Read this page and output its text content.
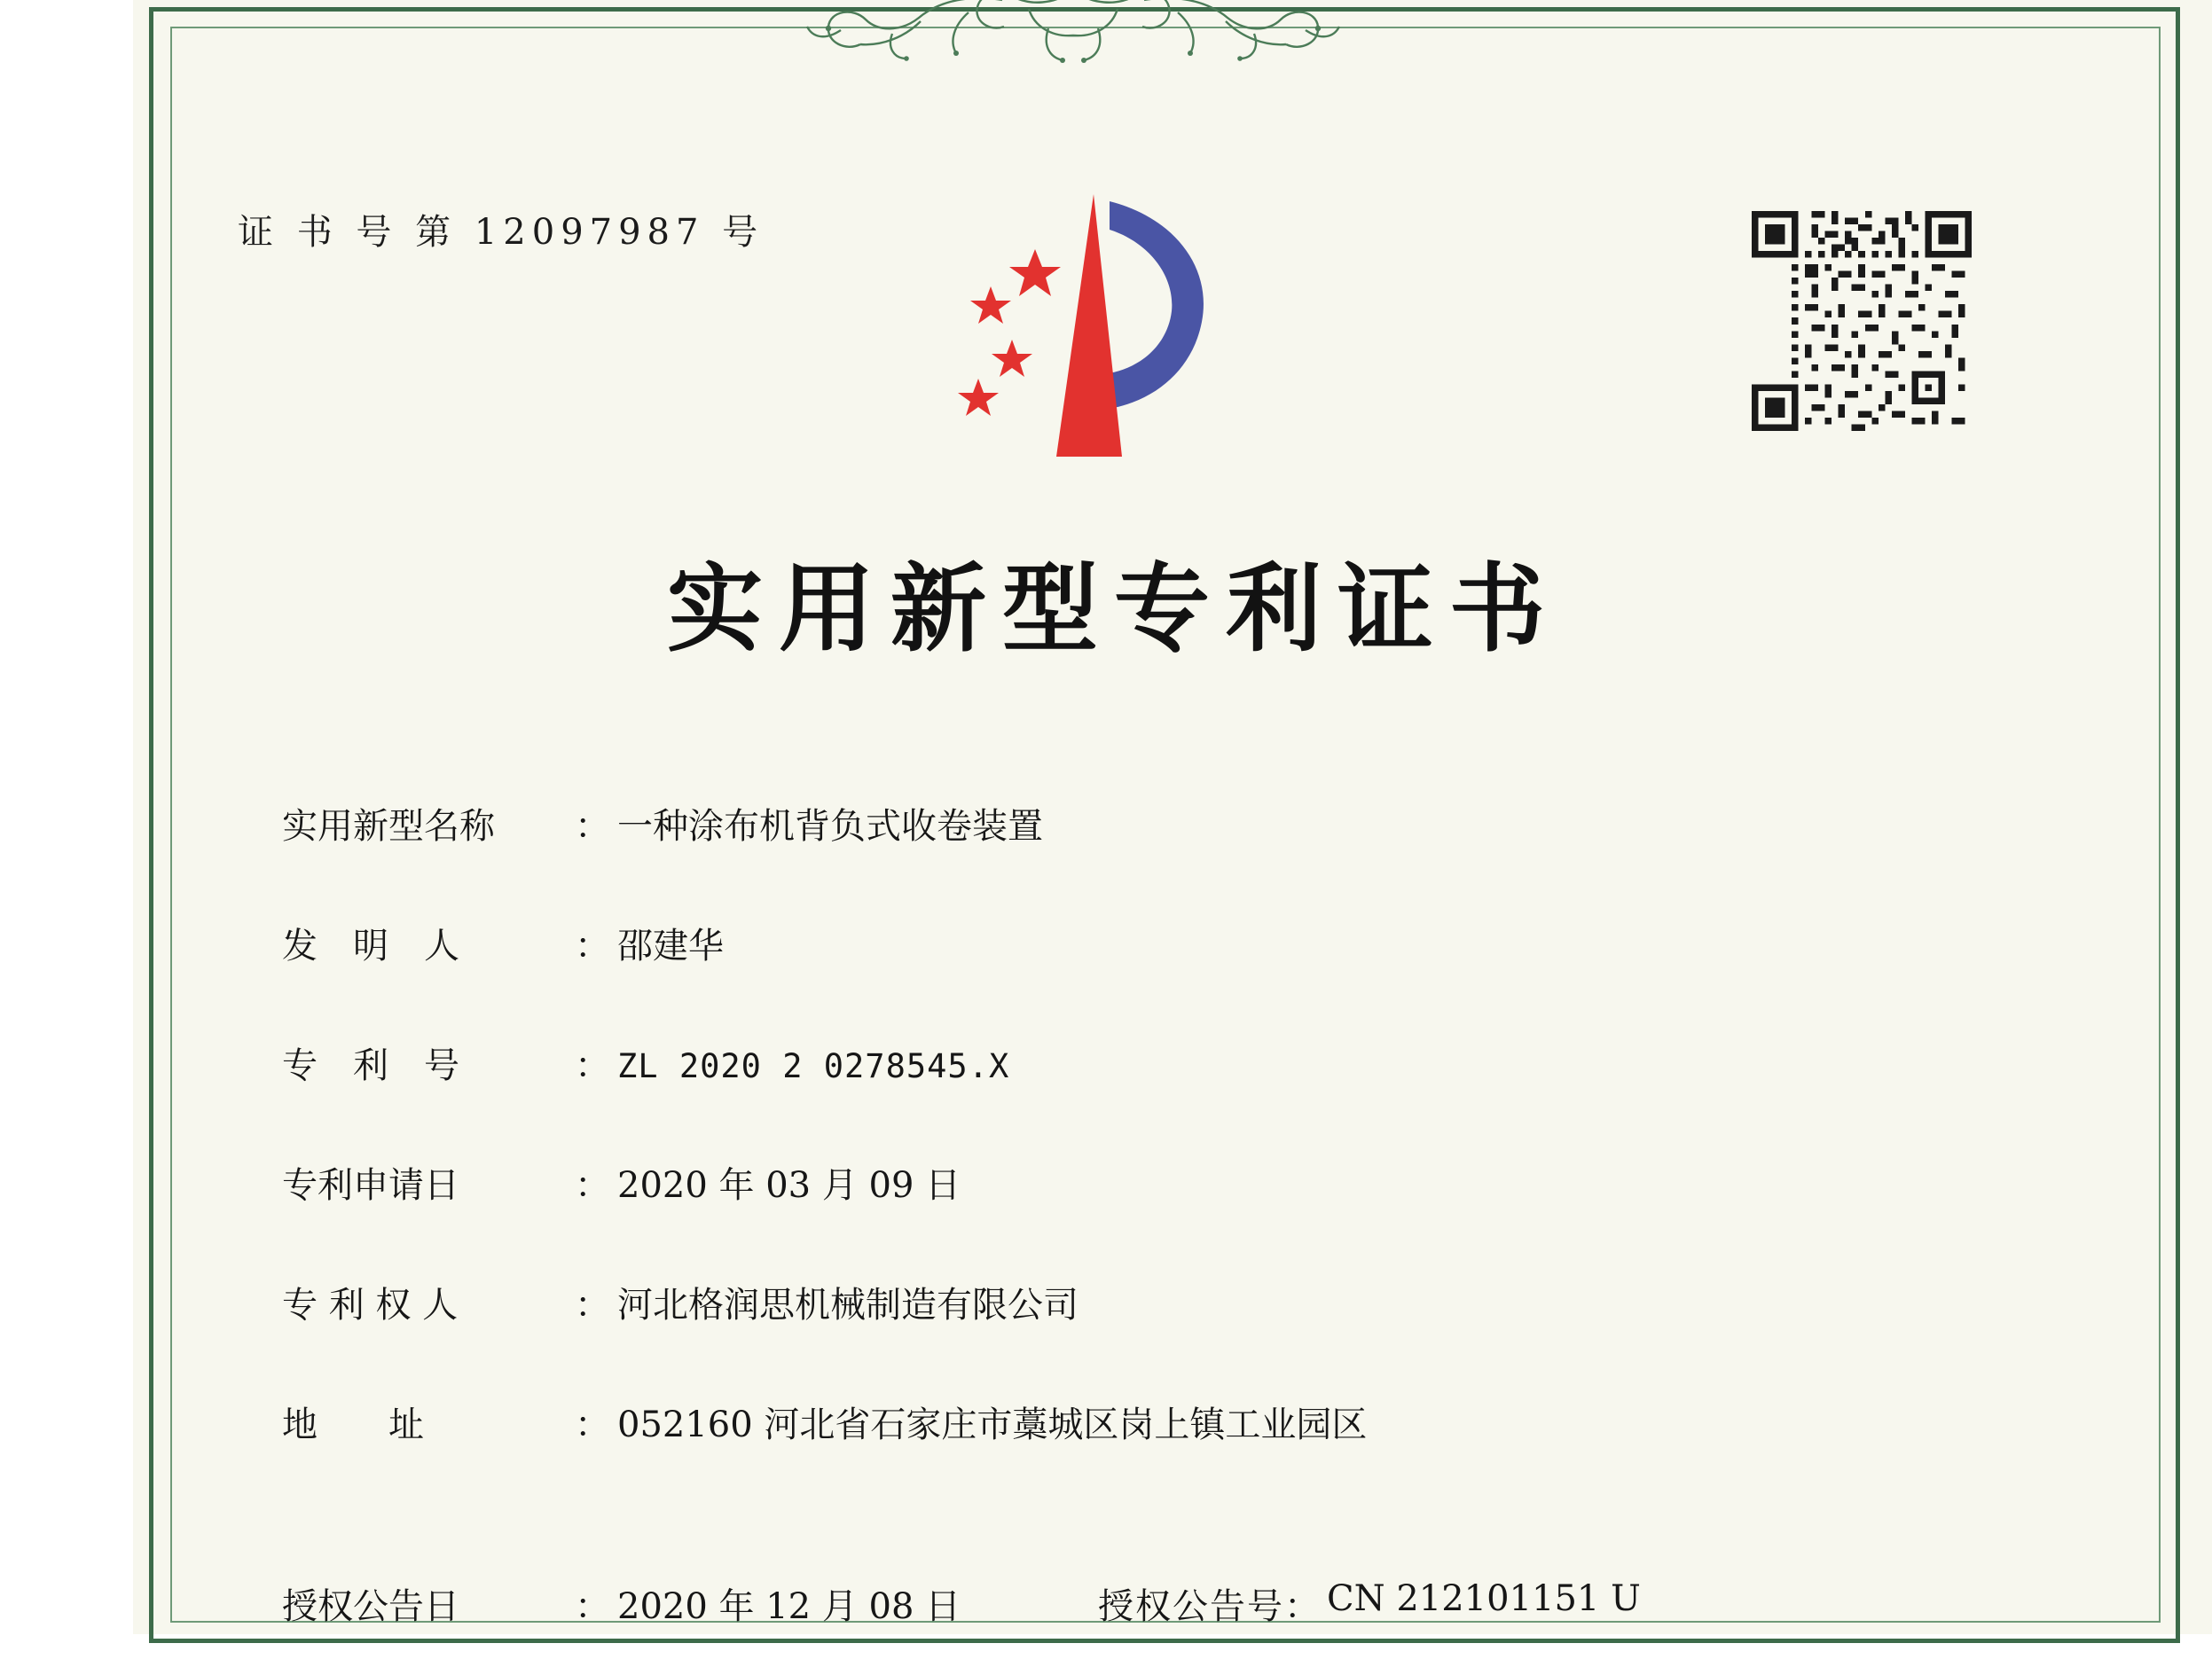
证 书 号 第 12097987 号
实用新型专利证书
实用新型名称	： 一种涂布机背负式收卷装置
发　明　人	： 邵建华
专　利　号	： ZL 2020 2 0278545.X
专利申请日	： 2020 年 03 月 09 日
专 利 权 人	： 河北格润思机械制造有限公司
地　　址	： 052160 河北省石家庄市藁城区岗上镇工业园区
授权公告日	： 2020 年 12 月 08 日	授权公告号 ： CN 212101151 U
